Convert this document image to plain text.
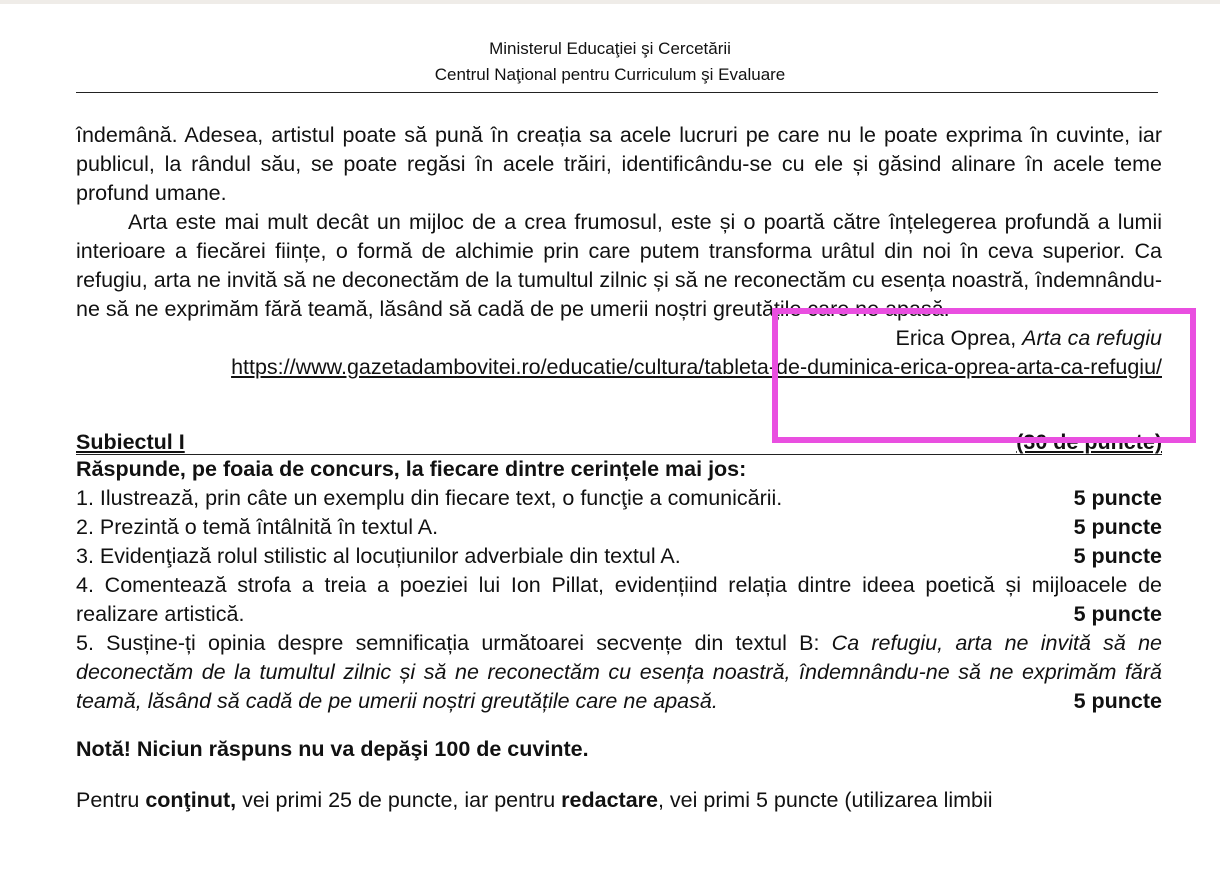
Ministerul Educaţiei şi Cercetării
Centrul Naţional pentru Curriculum şi Evaluare
îndemână. Adesea, artistul poate să pună în creația sa acele lucruri pe care nu le poate exprima în cuvinte, iar publicul, la rândul său, se poate regăsi în acele trăiri, identificându-se cu ele și găsind alinare în acele teme profund umane.
Arta este mai mult decât un mijloc de a crea frumosul, este și o poartă către înțelegerea profundă a lumii interioare a fiecărei ființe, o formă de alchimie prin care putem transforma urâtul din noi în ceva superior. Ca refugiu, arta ne invită să ne deconectăm de la tumultul zilnic și să ne reconectăm cu esența noastră, îndemnându-ne să ne exprimăm fără teamă, lăsând să cadă de pe umerii noștri greutățile care ne apasă.
Erica Oprea, Arta ca refugiu
https://www.gazetadambovitei.ro/educatie/cultura/tableta-de-duminica-erica-oprea-arta-ca-refugiu/
Subiectul I	(30 de puncte)
Răspunde, pe foaia de concurs, la fiecare dintre cerințele mai jos:
1. Ilustrează, prin câte un exemplu din fiecare text, o funcţie a comunicării.	5 puncte
2. Prezintă o temă întâlnită în textul A.	5 puncte
3. Evidenţiază rolul stilistic al locuțiunilor adverbiale din textul A.	5 puncte
4. Comentează strofa a treia a poeziei lui Ion Pillat, evidențiind relația dintre ideea poetică și mijloacele de realizare artistică.	5 puncte
5. Susține-ți opinia despre semnificația următoarei secvențe din textul B: Ca refugiu, arta ne invită să ne deconectăm de la tumultul zilnic și să ne reconectăm cu esența noastră, îndemnându-ne să ne exprimăm fără teamă, lăsând să cadă de pe umerii noștri greutățile care ne apasă.	5 puncte
Notă! Niciun răspuns nu va depăşi 100 de cuvinte.
Pentru conţinut, vei primi 25 de puncte, iar pentru redactare, vei primi 5 puncte (utilizarea limbii
